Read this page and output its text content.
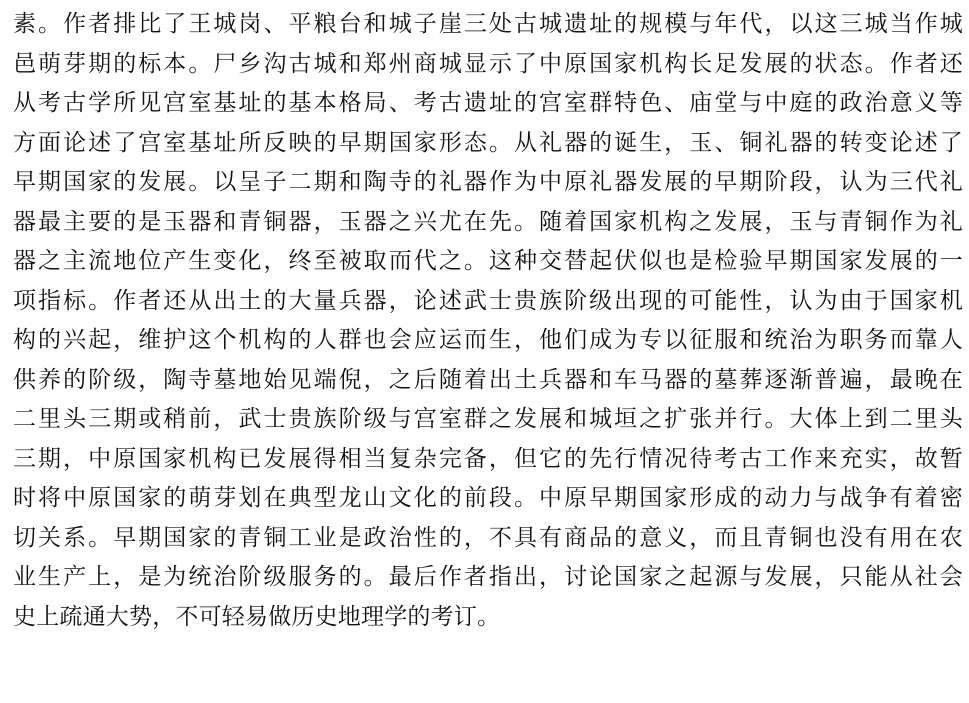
素。作者排比了王城岗、平粮台和城子崖三处古城遗址的规模与年代，以这三城当作城
邑萌芽期的标本。尸乡沟古城和郑州商城显示了中原国家机构长足发展的状态。作者还
从考古学所见宫室基址的基本格局、考古遗址的宫室群特色、庙堂与中庭的政治意义等
方面论述了宫室基址所反映的早期国家形态。从礼器的诞生，玉、铜礼器的转变论述了
早期国家的发展。以呈子二期和陶寺的礼器作为中原礼器发展的早期阶段，认为三代礼
器最主要的是玉器和青铜器，玉器之兴尤在先。随着国家机构之发展，玉与青铜作为礼
器之主流地位产生变化，终至被取而代之。这种交替起伏似也是检验早期国家发展的一
项指标。作者还从出土的大量兵器，论述武士贵族阶级出现的可能性，认为由于国家机
构的兴起，维护这个机构的人群也会应运而生，他们成为专以征服和统治为职务而靠人
供养的阶级，陶寺墓地始见端倪，之后随着出土兵器和车马器的墓葬逐渐普遍，最晚在
二里头三期或稍前，武士贵族阶级与宫室群之发展和城垣之扩张并行。大体上到二里头
三期，中原国家机构已发展得相当复杂完备，但它的先行情况待考古工作来充实，故暂
时将中原国家的萌芽划在典型龙山文化的前段。中原早期国家形成的动力与战争有着密
切关系。早期国家的青铜工业是政治性的，不具有商品的意义，而且青铜也没有用在农
业生产上，是为统治阶级服务的。最后作者指出，讨论国家之起源与发展，只能从社会
史上疏通大势，不可轻易做历史地理学的考订。
